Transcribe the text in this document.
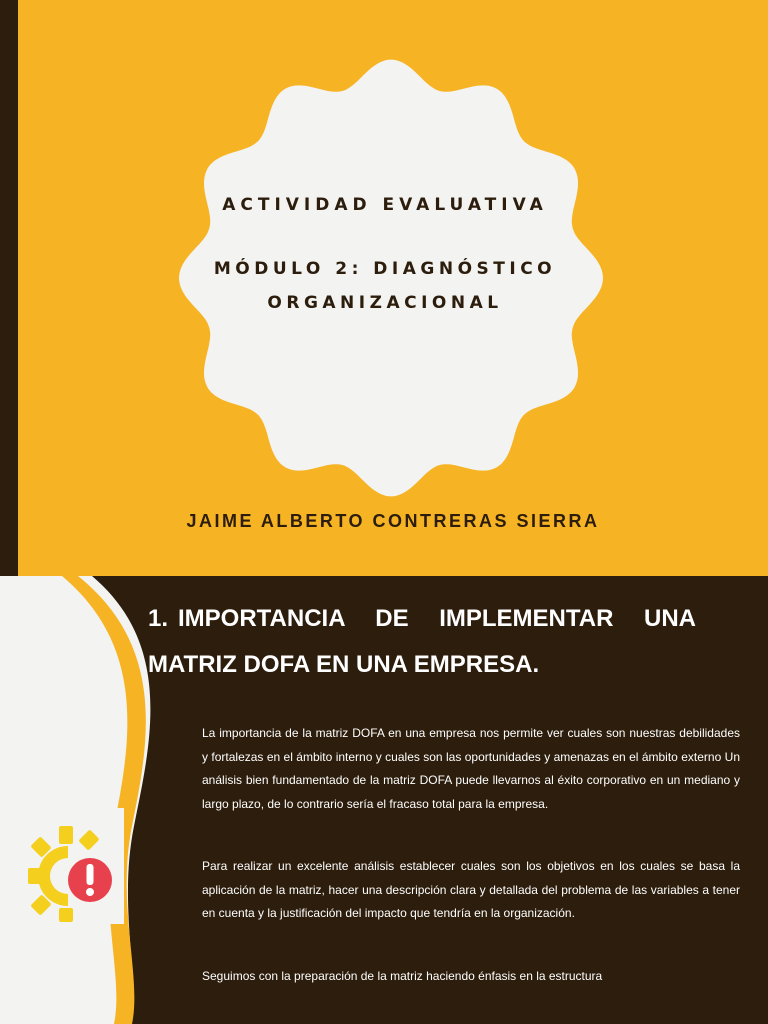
ACTIVIDAD EVALUATIVA

MÓDULO 2: DIAGNÓSTICO ORGANIZACIONAL

JAIME ALBERTO CONTRERAS SIERRA
1. IMPORTANCIA DE IMPLEMENTAR UNA MATRIZ DOFA EN UNA EMPRESA.

La importancia de la matriz DOFA en una empresa nos permite ver cuales son nuestras debilidades y fortalezas en el ámbito interno y cuales son las oportunidades y amenazas en el ámbito externo Un análisis bien fundamentado de la matriz DOFA puede llevarnos al éxito corporativo en un mediano y largo plazo, de lo contrario sería el fracaso total para la empresa.

Para realizar un excelente análisis establecer cuales son los objetivos en los cuales se basa la aplicación de la matriz, hacer una descripción clara y detallada del problema de las variables a tener en cuenta y la justificación del impacto que tendría en la organización.

Seguimos con la preparación de la matriz haciendo énfasis en la estructura
